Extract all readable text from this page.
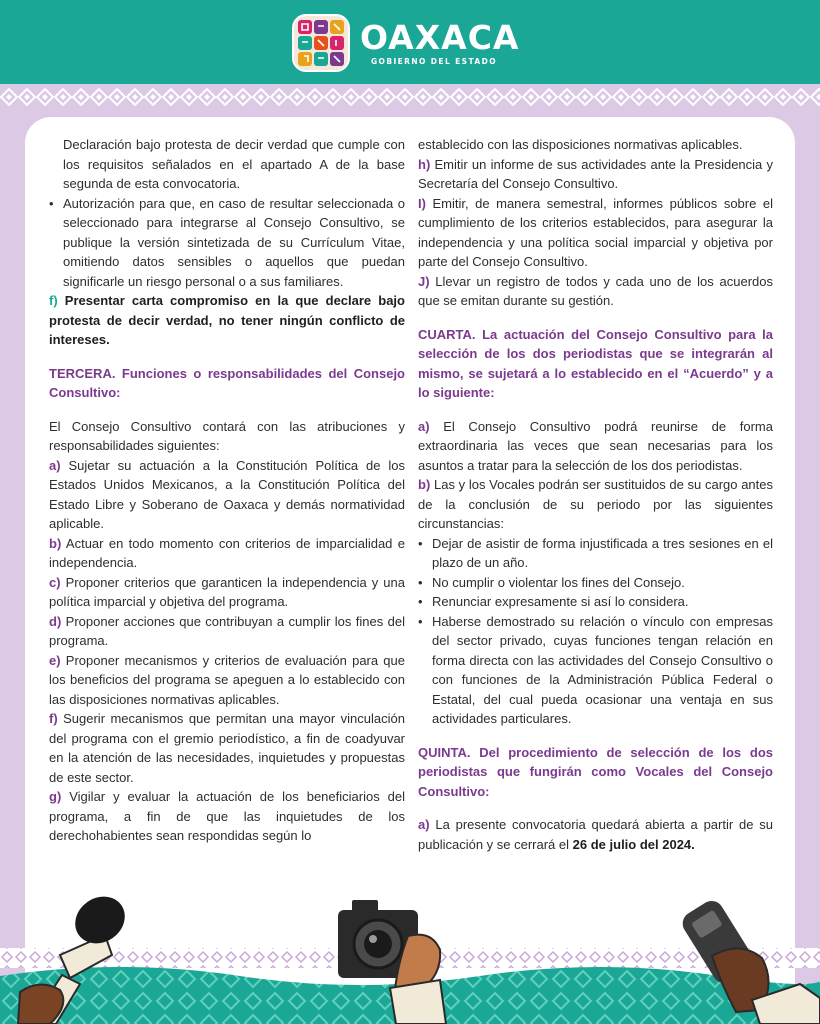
OAXACA
GOBIERNO DEL ESTADO

Declaración bajo protesta de decir verdad que cumple con los requisitos señalados en el apartado A de la base segunda de esta convocatoria.

• Autorización para que, en caso de resultar seleccionada o seleccionado para integrarse al Consejo Consultivo, se publique la versión sintetizada de su Currículum Vitae, omitiendo datos sensibles o aquellos que puedan significarle un riesgo personal o a sus familiares.

f) Presentar carta compromiso en la que declare bajo protesta de decir verdad, no tener ningún conflicto de intereses.

TERCERA. Funciones o responsabilidades del Consejo Consultivo:

El Consejo Consultivo contará con las atribuciones y responsabilidades siguientes:

a) Sujetar su actuación a la Constitución Política de los Estados Unidos Mexicanos, a la Constitución Política del Estado Libre y Soberano de Oaxaca y demás normatividad aplicable.

b) Actuar en todo momento con criterios de imparcialidad e independencia.

c) Proponer criterios que garanticen la independencia y una política imparcial y objetiva del programa.

d) Proponer acciones que contribuyan a cumplir los fines del programa.

e) Proponer mecanismos y criterios de evaluación para que los beneficios del programa se apeguen a lo establecido con las disposiciones normativas aplicables.

f) Sugerir mecanismos que permitan una mayor vinculación del programa con el gremio periodístico, a fin de coadyuvar en la atención de las necesidades, inquietudes y propuestas de este sector.

g) Vigilar y evaluar la actuación de los beneficiarios del programa, a fin de que las inquietudes de los derechohabientes sean respondidas según lo

establecido con las disposiciones normativas aplicables.

h) Emitir un informe de sus actividades ante la Presidencia y Secretaría del Consejo Consultivo.

I) Emitir, de manera semestral, informes públicos sobre el cumplimiento de los criterios establecidos, para asegurar la independencia y una política social imparcial y objetiva por parte del Consejo Consultivo.

J) Llevar un registro de todos y cada uno de los acuerdos que se emitan durante su gestión.

CUARTA. La actuación del Consejo Consultivo para la selección de los dos periodistas que se integrarán al mismo, se sujetará a lo establecido en el “Acuerdo” y a lo siguiente:

a) El Consejo Consultivo podrá reunirse de forma extraordinaria las veces que sean necesarias para los asuntos a tratar para la selección de los dos periodistas.

b) Las y los Vocales podrán ser sustituidos de su cargo antes de la conclusión de su periodo por las siguientes circunstancias:

• Dejar de asistir de forma injustificada a tres sesiones en el plazo de un año.

• No cumplir o violentar los fines del Consejo.

• Renunciar expresamente si así lo considera.

• Haberse demostrado su relación o vínculo con empresas del sector privado, cuyas funciones tengan relación en forma directa con las actividades del Consejo Consultivo o con funciones de la Administración Pública Federal o Estatal, del cual pueda ocasionar una ventaja en sus actividades particulares.

QUINTA. Del procedimiento de selección de los dos periodistas que fungirán como Vocales del Consejo Consultivo:

a) La presente convocatoria quedará abierta a partir de su publicación y se cerrará el 26 de julio del 2024.
